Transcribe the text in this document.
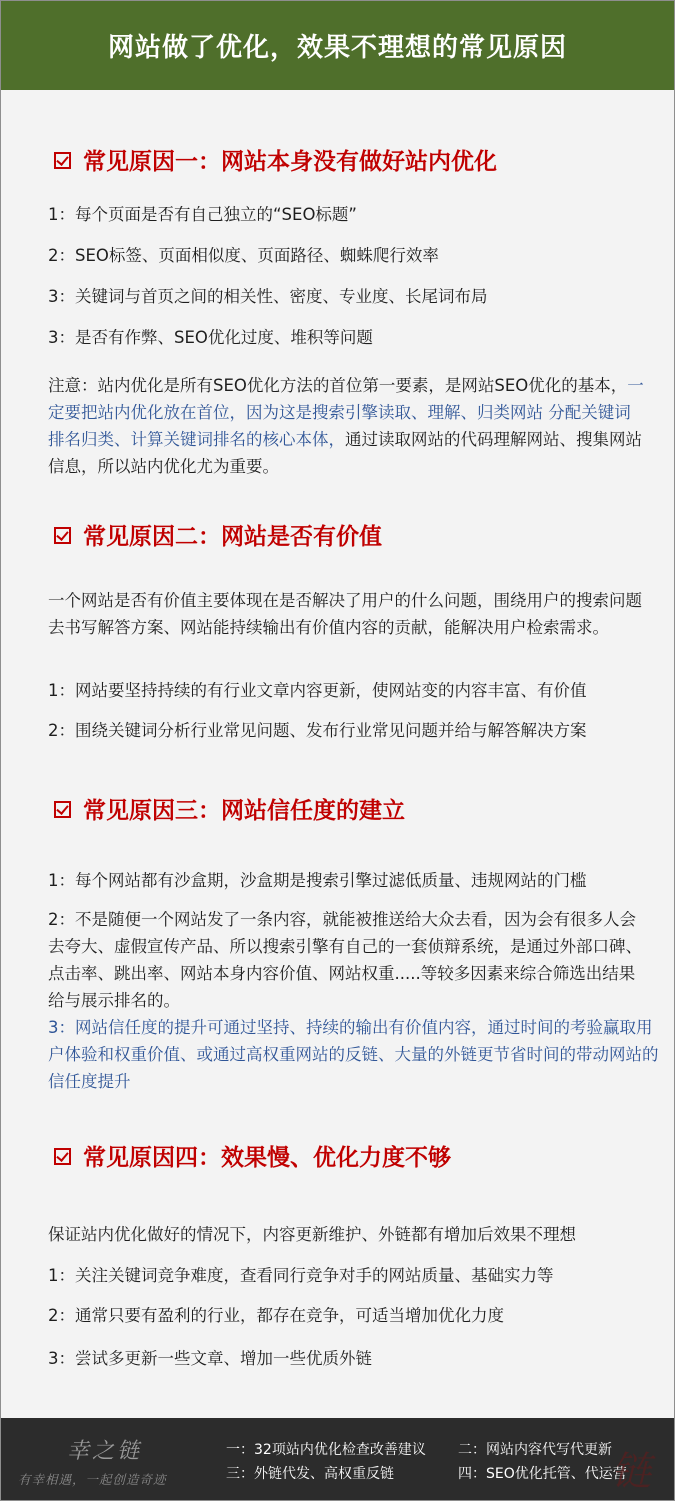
网站做了优化，效果不理想的常见原因
常见原因一：网站本身没有做好站内优化
1：每个页面是否有自己独立的“SEO标题”
2：SEO标签、页面相似度、页面路径、蜘蛛爬行效率
3：关键词与首页之间的相关性、密度、专业度、长尾词布局
3：是否有作弊、SEO优化过度、堆积等问题
注意：站内优化是所有SEO优化方法的首位第一要素，是网站SEO优化的基本，一定要把站内优化放在首位，因为这是搜索引擎读取、理解、归类网站 分配关键词排名归类、计算关键词排名的核心本体，通过读取网站的代码理解网站、搜集网站信息，所以站内优化尤为重要。
常见原因二：网站是否有价值
一个网站是否有价值主要体现在是否解决了用户的什么问题，围绕用户的搜索问题去书写解答方案、网站能持续输出有价值内容的贡献，能解决用户检索需求。
1：网站要坚持持续的有行业文章内容更新，使网站变的内容丰富、有价值
2：围绕关键词分析行业常见问题、发布行业常见问题并给与解答解决方案
常见原因三：网站信任度的建立
1：每个网站都有沙盒期，沙盒期是搜索引擎过滤低质量、违规网站的门槛
2：不是随便一个网站发了一条内容，就能被推送给大众去看，因为会有很多人会去夸大、虚假宣传产品、所以搜索引擎有自己的一套侦辩系统，是通过外部口碑、点击率、跳出率、网站本身内容价值、网站权重.....等较多因素来综合筛选出结果给与展示排名的。
3：网站信任度的提升可通过坚持、持续的输出有价值内容，通过时间的考验赢取用户体验和权重价值、或通过高权重网站的反链、大量的外链更节省时间的带动网站的信任度提升
常见原因四：效果慢、优化力度不够
保证站内优化做好的情况下，内容更新维护、外链都有增加后效果不理想
1：关注关键词竞争难度，查看同行竞争对手的网站质量、基础实力等
2：通常只要有盈利的行业，都存在竞争，可适当增加优化力度
3：尝试多更新一些文章、增加一些优质外链
幸之链
有幸相遇，一起创造奇迹
一：32项站内优化检查改善建议 二：网站内容代写代更新
三：外链代发、高权重反链	四：SEO优化托管、代运营
链
